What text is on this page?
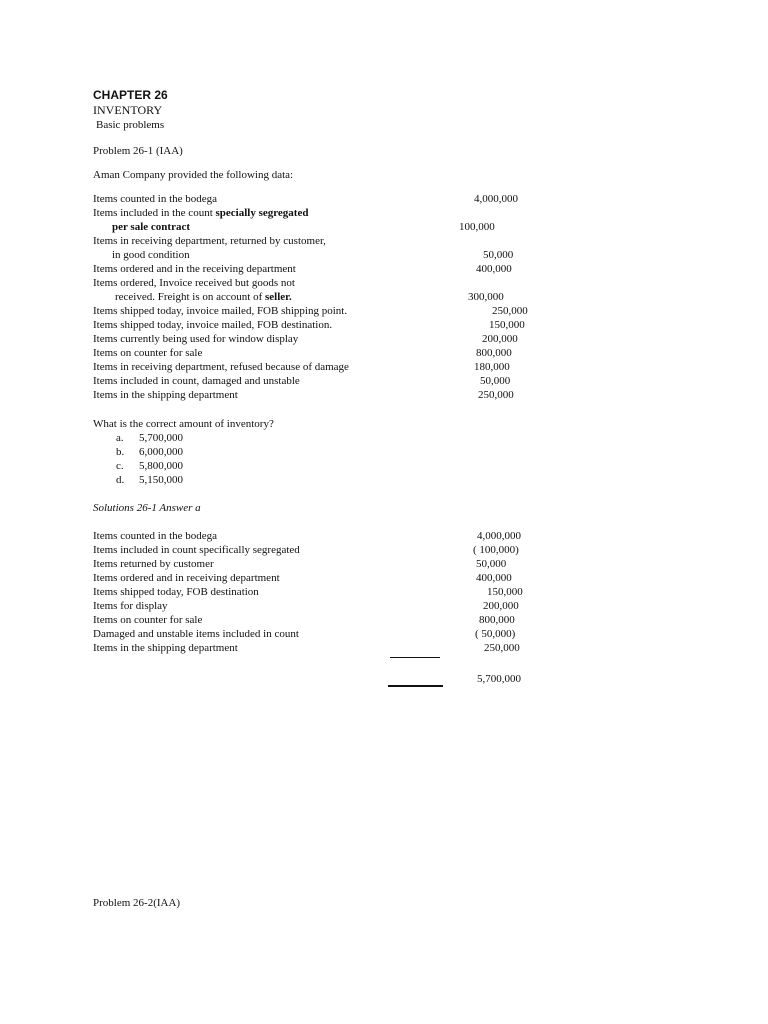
CHAPTER 26
INVENTORY
Basic problems
Problem 26-1 (IAA)
Aman Company provided the following data:
Items counted in the bodega	4,000,000
Items included in the count specially segregated
per sale contract	100,000
Items in receiving department, returned by customer,
in good condition	50,000
Items ordered and in the receiving department	400,000
Items ordered, Invoice received but goods not
received. Freight is on account of seller.	300,000
Items shipped today, invoice mailed, FOB shipping point.	250,000
Items shipped today, invoice mailed, FOB destination.	150,000
Items currently being used for window display	200,000
Items on counter for sale	800,000
Items in receiving department, refused because of damage	180,000
Items included in count, damaged and unstable	50,000
Items in the shipping department	250,000
What is the correct amount of inventory?
a. 5,700,000
b. 6,000,000
c. 5,800,000
d. 5,150,000
Solutions 26-1 Answer a
Items counted in the bodega	4,000,000
Items included in count specifically segregated	( 100,000)
Items returned by customer	50,000
Items ordered and in receiving department	400,000
Items shipped today, FOB destination	150,000
Items for display	200,000
Items on counter for sale	800,000
Damaged and unstable items included in count	( 50,000)
Items in the shipping department	250,000
5,700,000
Problem 26-2(IAA)
